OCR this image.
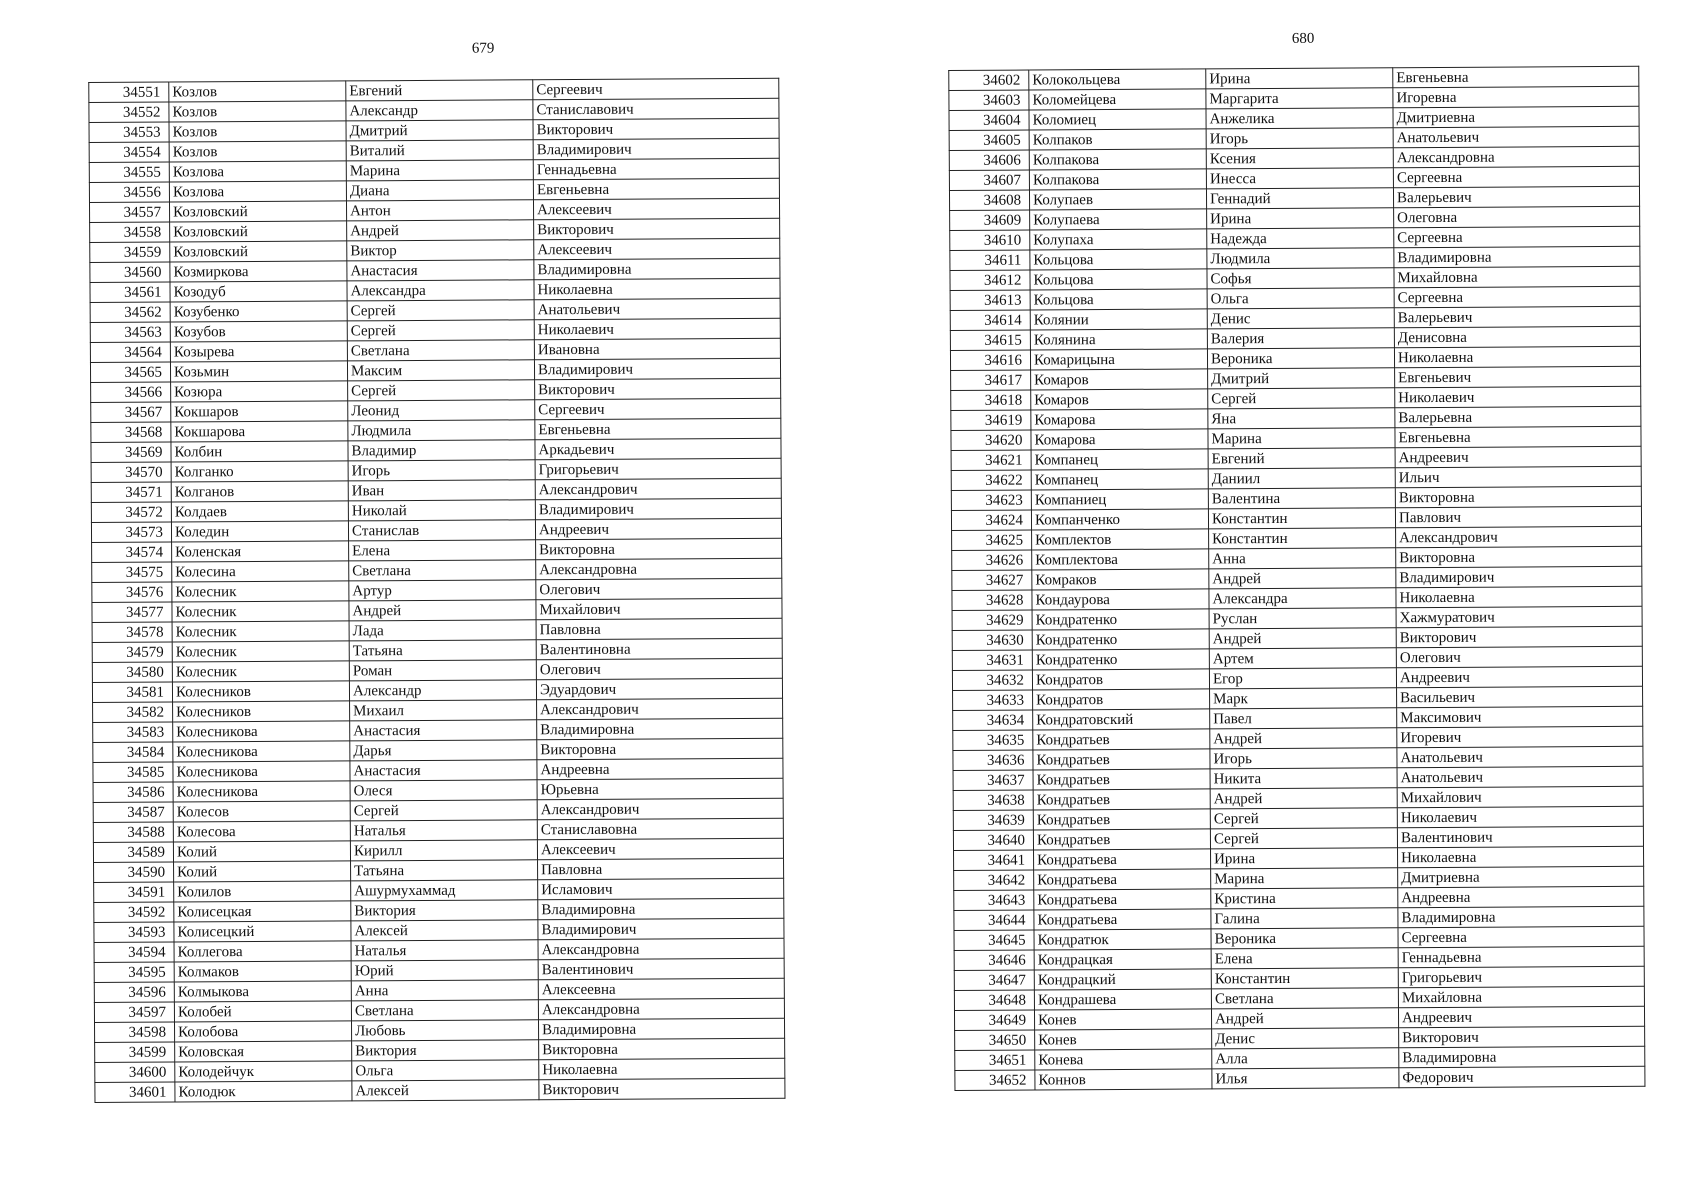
679
34551	Козлов	Евгений	Сергеевич
34552	Козлов	Александр	Станиславович
34553	Козлов	Дмитрий	Викторович
34554	Козлов	Виталий	Владимирович
34555	Козлова	Марина	Геннадьевна
34556	Козлова	Диана	Евгеньевна
34557	Козловский	Антон	Алексеевич
34558	Козловский	Андрей	Викторович
34559	Козловский	Виктор	Алексеевич
34560	Козмиркова	Анастасия	Владимировна
34561	Козодуб	Александра	Николаевна
34562	Козубенко	Сергей	Анатольевич
34563	Козубов	Сергей	Николаевич
34564	Козырева	Светлана	Ивановна
34565	Козьмин	Максим	Владимирович
34566	Козюра	Сергей	Викторович
34567	Кокшаров	Леонид	Сергеевич
34568	Кокшарова	Людмила	Евгеньевна
34569	Колбин	Владимир	Аркадьевич
34570	Колганко	Игорь	Григорьевич
34571	Колганов	Иван	Александрович
34572	Колдаев	Николай	Владимирович
34573	Коледин	Станислав	Андреевич
34574	Коленская	Елена	Викторовна
34575	Колесина	Светлана	Александровна
34576	Колесник	Артур	Олегович
34577	Колесник	Андрей	Михайлович
34578	Колесник	Лада	Павловна
34579	Колесник	Татьяна	Валентиновна
34580	Колесник	Роман	Олегович
34581	Колесников	Александр	Эдуардович
34582	Колесников	Михаил	Александрович
34583	Колесникова	Анастасия	Владимировна
34584	Колесникова	Дарья	Викторовна
34585	Колесникова	Анастасия	Андреевна
34586	Колесникова	Олеся	Юрьевна
34587	Колесов	Сергей	Александрович
34588	Колесова	Наталья	Станиславовна
34589	Колий	Кирилл	Алексеевич
34590	Колий	Татьяна	Павловна
34591	Колилов	Ашурмухаммад	Исламович
34592	Колисецкая	Виктория	Владимировна
34593	Колисецкий	Алексей	Владимирович
34594	Коллегова	Наталья	Александровна
34595	Колмаков	Юрий	Валентинович
34596	Колмыкова	Анна	Алексеевна
34597	Колобей	Светлана	Александровна
34598	Колобова	Любовь	Владимировна
34599	Коловская	Виктория	Викторовна
34600	Колодейчук	Ольга	Николаевна
34601	Колодюк	Алексей	Викторович
680
34602	Колокольцева	Ирина	Евгеньевна
34603	Коломейцева	Маргарита	Игоревна
34604	Коломиец	Анжелика	Дмитриевна
34605	Колпаков	Игорь	Анатольевич
34606	Колпакова	Ксения	Александровна
34607	Колпакова	Инесса	Сергеевна
34608	Колупаев	Геннадий	Валерьевич
34609	Колупаева	Ирина	Олеговна
34610	Колупаха	Надежда	Сергеевна
34611	Кольцова	Людмила	Владимировна
34612	Кольцова	Софья	Михайловна
34613	Кольцова	Ольга	Сергеевна
34614	Колянии	Денис	Валерьевич
34615	Колянина	Валерия	Денисовна
34616	Комарицына	Вероника	Николаевна
34617	Комаров	Дмитрий	Евгеньевич
34618	Комаров	Сергей	Николаевич
34619	Комарова	Яна	Валерьевна
34620	Комарова	Марина	Евгеньевна
34621	Компанец	Евгений	Андреевич
34622	Компанец	Даниил	Ильич
34623	Компаниец	Валентина	Викторовна
34624	Компанченко	Константин	Павлович
34625	Комплектов	Константин	Александрович
34626	Комплектова	Анна	Викторовна
34627	Комраков	Андрей	Владимирович
34628	Кондаурова	Александра	Николаевна
34629	Кондратенко	Руслан	Хажмуратович
34630	Кондратенко	Андрей	Викторович
34631	Кондратенко	Артем	Олегович
34632	Кондратов	Егор	Андреевич
34633	Кондратов	Марк	Васильевич
34634	Кондратовский	Павел	Максимович
34635	Кондратьев	Андрей	Игоревич
34636	Кондратьев	Игорь	Анатольевич
34637	Кондратьев	Никита	Анатольевич
34638	Кондратьев	Андрей	Михайлович
34639	Кондратьев	Сергей	Николаевич
34640	Кондратьев	Сергей	Валентинович
34641	Кондратьева	Ирина	Николаевна
34642	Кондратьева	Марина	Дмитриевна
34643	Кондратьева	Кристина	Андреевна
34644	Кондратьева	Галина	Владимировна
34645	Кондратюк	Вероника	Сергеевна
34646	Кондрацкая	Елена	Геннадьевна
34647	Кондрацкий	Константин	Григорьевич
34648	Кондрашева	Светлана	Михайловна
34649	Конев	Андрей	Андреевич
34650	Конев	Денис	Викторович
34651	Конева	Алла	Владимировна
34652	Коннов	Илья	Федорович
